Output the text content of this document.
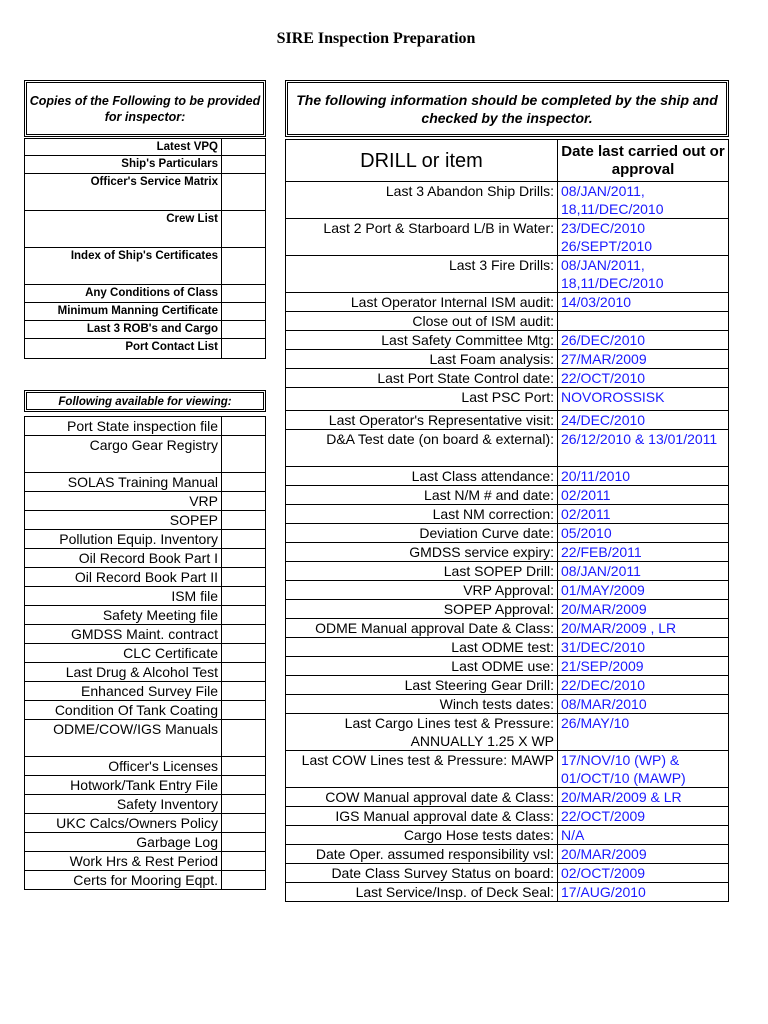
SIRE Inspection Preparation
Copies of the Following to be provided for inspector:
Latest VPQ	
Ship's Particulars	
Officer's Service Matrix	
Crew List	
Index of Ship's Certificates	
Any Conditions of Class	
Minimum Manning Certificate	
Last 3 ROB's and Cargo	
Port Contact List	
Following available for viewing:
Port State inspection file	
Cargo Gear Registry	
SOLAS Training Manual	
VRP	
SOPEP	
Pollution Equip. Inventory	
Oil Record Book Part I	
Oil Record Book Part II	
ISM file	
Safety Meeting file	
GMDSS Maint. contract	
CLC Certificate	
Last Drug & Alcohol Test	
Enhanced Survey File	
Condition Of Tank Coating	
ODME/COW/IGS Manuals	
Officer's Licenses	
Hotwork/Tank Entry File	
Safety Inventory	
UKC Calcs/Owners Policy	
Garbage Log	
Work Hrs & Rest Period	
Certs for Mooring Eqpt.	
The following information should be completed by the ship and checked by the inspector.
DRILL or item	Date last carried out or approval
Last 3 Abandon Ship Drills:	08/JAN/2011, 18,11/DEC/2010
Last 2 Port & Starboard L/B in Water:	23/DEC/2010 26/SEPT/2010
Last 3 Fire Drills:	08/JAN/2011, 18,11/DEC/2010
Last Operator Internal ISM audit:	14/03/2010
Close out of ISM audit:	
Last Safety Committee Mtg:	26/DEC/2010
Last Foam analysis:	27/MAR/2009
Last Port State Control date:	22/OCT/2010
Last PSC Port:	NOVOROSSISK
Last Operator's Representative visit:	24/DEC/2010
D&A Test date (on board & external):	26/12/2010 & 13/01/2011
Last Class attendance:	20/11/2010
Last N/M # and date:	02/2011
Last NM correction:	02/2011
Deviation Curve date:	05/2010
GMDSS service expiry:	22/FEB/2011
Last SOPEP Drill:	08/JAN/2011
VRP Approval:	01/MAY/2009
SOPEP Approval:	20/MAR/2009
ODME Manual approval Date & Class:	20/MAR/2009 , LR
Last ODME test:	31/DEC/2010
Last ODME use:	21/SEP/2009
Last Steering Gear Drill:	22/DEC/2010
Winch tests dates:	08/MAR/2010
Last Cargo Lines test & Pressure: ANNUALLY 1.25 X WP	26/MAY/10
Last COW Lines test & Pressure: MAWP	17/NOV/10 (WP) & 01/OCT/10 (MAWP)
COW Manual approval date & Class:	20/MAR/2009 & LR
IGS Manual approval date & Class:	22/OCT/2009
Cargo Hose tests dates:	N/A
Date Oper. assumed responsibility vsl:	20/MAR/2009
Date Class Survey Status on board:	02/OCT/2009
Last Service/Insp. of Deck Seal:	17/AUG/2010
